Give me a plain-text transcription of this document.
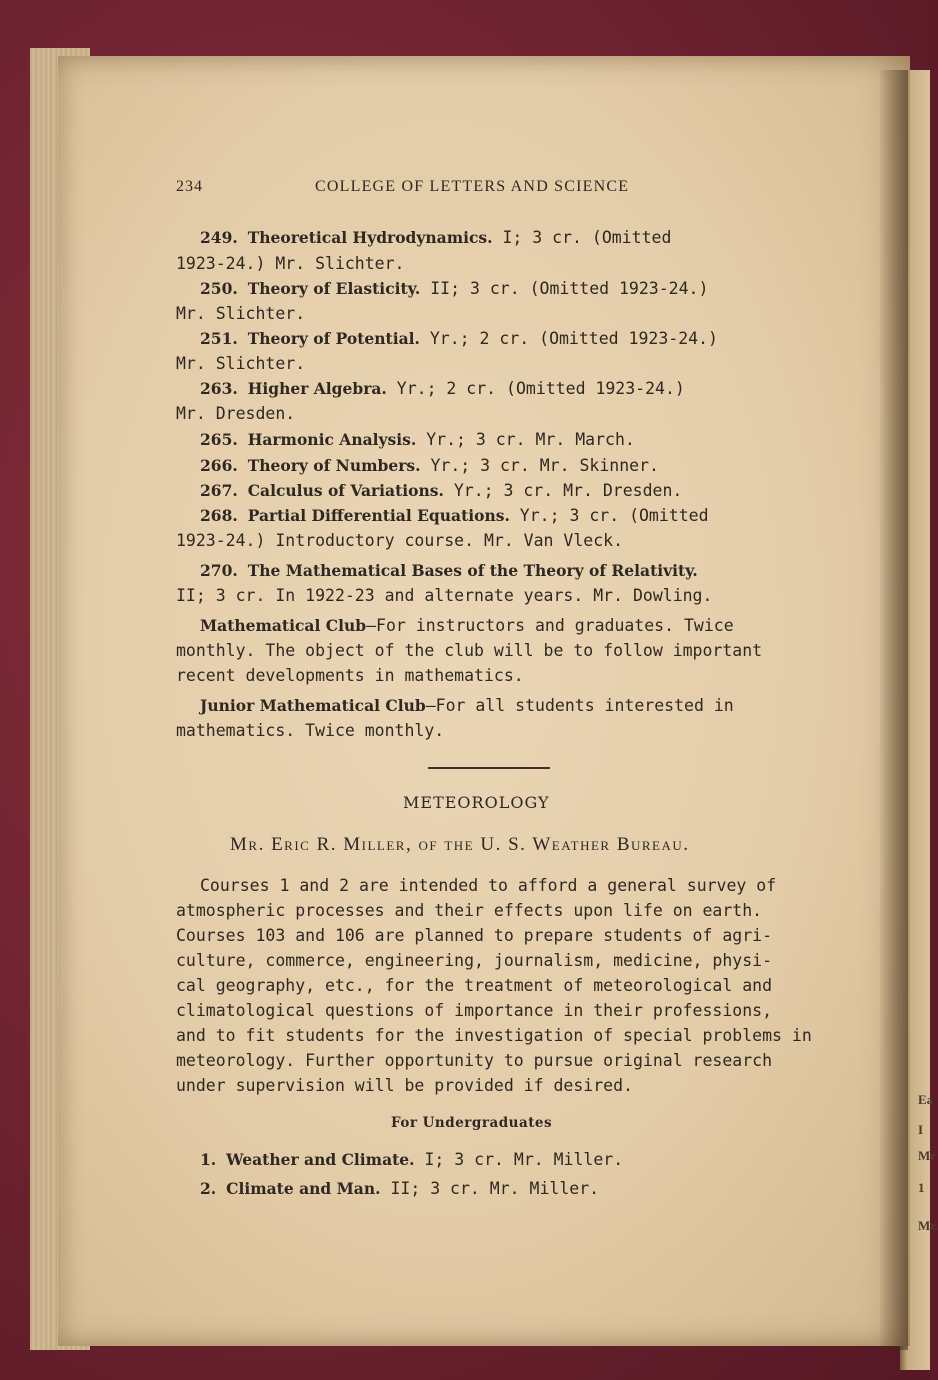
Ea
I
Mr
1
Mr.
234	COLLEGE OF LETTERS AND SCIENCE
249. Theoretical Hydrodynamics. I; 3 cr. (Omitted
1923-24.) Mr. Slichter.
250. Theory of Elasticity. II; 3 cr. (Omitted 1923-24.)
Mr. Slichter.
251. Theory of Potential. Yr.; 2 cr. (Omitted 1923-24.)
Mr. Slichter.
263. Higher Algebra. Yr.; 2 cr. (Omitted 1923-24.)
Mr. Dresden.
265. Harmonic Analysis. Yr.; 3 cr. Mr. March.
266. Theory of Numbers. Yr.; 3 cr. Mr. Skinner.
267. Calculus of Variations. Yr.; 3 cr. Mr. Dresden.
268. Partial Differential Equations. Yr.; 3 cr. (Omitted
1923-24.) Introductory course. Mr. Van Vleck.
270. The Mathematical Bases of the Theory of Relativity.
II; 3 cr. In 1922-23 and alternate years. Mr. Dowling.
Mathematical Club—For instructors and graduates. Twice
monthly. The object of the club will be to follow important
recent developments in mathematics.
Junior Mathematical Club—For all students interested in
mathematics. Twice monthly.
METEOROLOGY
Mr. Eric R. Miller, of the U. S. Weather Bureau.
Courses 1 and 2 are intended to afford a general survey of
atmospheric processes and their effects upon life on earth.
Courses 103 and 106 are planned to prepare students of agri-
culture, commerce, engineering, journalism, medicine, physi-
cal geography, etc., for the treatment of meteorological and
climatological questions of importance in their professions,
and to fit students for the investigation of special problems in
meteorology. Further opportunity to pursue original research
under supervision will be provided if desired.
For Undergraduates
1. Weather and Climate. I; 3 cr. Mr. Miller.
2. Climate and Man. II; 3 cr. Mr. Miller.
